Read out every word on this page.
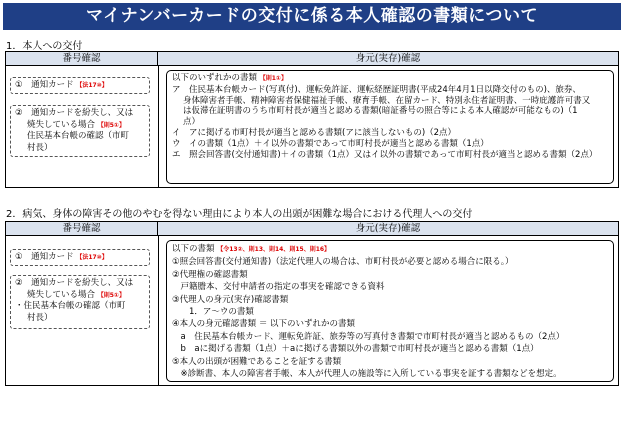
マイナンバーカードの交付に係る本人確認の書類について
1．本人への交付
番号確認	身元(実存)確認
①　通知カード 【法17⑩】
②　通知カードを紛失し、又は
焼失している場合 【則5①】
住民基本台帳の確認（市町
村長）
以下のいずれかの書類 【則1①】
ア　住民基本台帳カード(写真付)、運転免許証、運転経歴証明書(平成24年4月1日以降交付のもの)、旅券、
身体障害者手帳、精神障害者保健福祉手帳、療育手帳、在留カード、特別永住者証明書、一時庇護許可書又
は仮滞在証明書のうち市町村長が適当と認める書類(暗証番号の照合等による本人確認が可能なもの)（1
点）
イ　アに掲げる市町村長が適当と認める書類(アに該当しないもの)（2点）
ウ　イの書類（1点）＋イ以外の書類であって市町村長が適当と認める書類（1点）
エ　照会回答書(交付通知書)＋イの書類（1点）又はイ以外の書類であって市町村長が適当と認める書類（2点）
2．病気、身体の障害その他のやむを得ない理由により本人の出頭が困難な場合における代理人への交付
番号確認	身元(実存)確認
①　通知カード 【法17⑩】
②　通知カードを紛失し、又は
焼失している場合 【則5①】
・住民基本台帳の確認（市町
村長）
以下の書類 【令13②、則13、則14、則15、則16】
①照会回答書(交付通知書)（法定代理人の場合は、市町村長が必要と認める場合に限る。）
②代理権の確認書類
　戸籍謄本、交付申請者の指定の事実を確認できる資料
③代理人の身元(実存)確認書類
　　1．ア～ウの書類
④本人の身元確認書類 ＝ 以下のいずれかの書類
　a　住民基本台帳カード、運転免許証、旅券等の写真付き書類で市町村長が適当と認めるもの（2点）
　b　aに掲げる書類（1点）＋aに掲げる書類以外の書類で市町村長が適当と認める書類（1点）
⑤本人の出頭が困難であることを証する書類
　※診断書、本人の障害者手帳、本人が代理人の施設等に入所している事実を証する書類などを想定。
